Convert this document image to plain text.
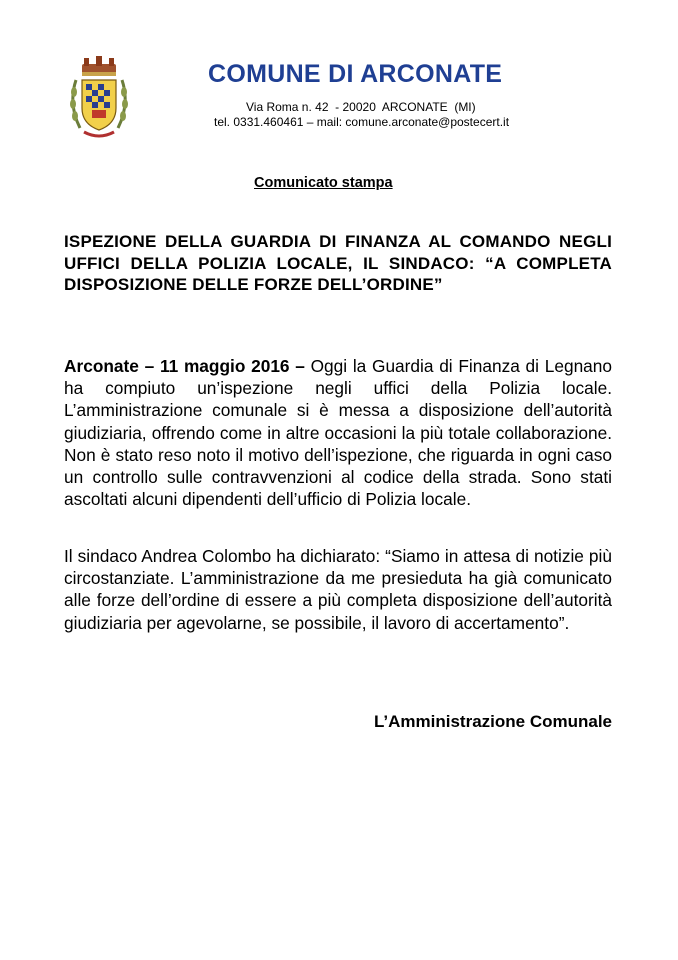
COMUNE DI ARCONATE
Via Roma n. 42  - 20020  ARCONATE  (MI)
tel. 0331.460461 – mail: comune.arconate@postecert.it
Comunicato stampa
ISPEZIONE DELLA GUARDIA DI FINANZA AL COMANDO NEGLI UFFICI DELLA POLIZIA LOCALE, IL SINDACO: “A COMPLETA DISPOSIZIONE DELLE FORZE DELL’ORDINE”
Arconate – 11 maggio 2016 – Oggi la Guardia di Finanza di Legnano ha compiuto un’ispezione negli uffici della Polizia locale. L’amministrazione comunale si è messa a disposizione dell’autorità giudiziaria, offrendo come in altre occasioni la più totale collaborazione. Non è stato reso noto il motivo dell’ispezione, che riguarda in ogni caso un controllo sulle contravvenzioni al codice della strada. Sono stati ascoltati alcuni dipendenti dell’ufficio di Polizia locale.
Il sindaco Andrea Colombo ha dichiarato: “Siamo in attesa di notizie più circostanziate. L’amministrazione da me presieduta ha già comunicato alle forze dell’ordine di essere a più completa disposizione dell’autorità giudiziaria per agevolarne, se possibile, il lavoro di accertamento”.
L’Amministrazione Comunale
